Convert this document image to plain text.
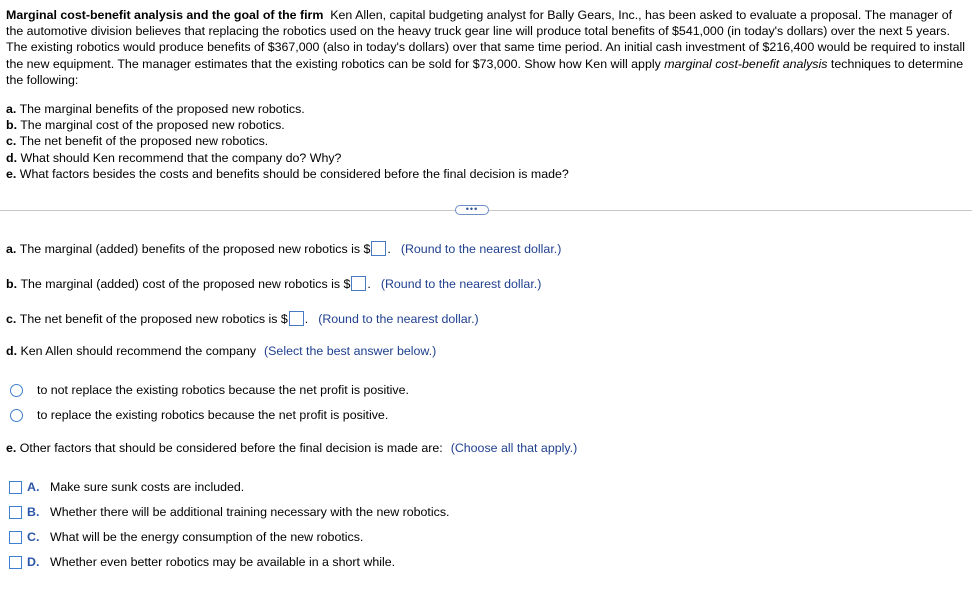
Marginal cost-benefit analysis and the goal of the firm Ken Allen, capital budgeting analyst for Bally Gears, Inc., has been asked to evaluate a proposal. The manager of the automotive division believes that replacing the robotics used on the heavy truck gear line will produce total benefits of $541,000 (in today's dollars) over the next 5 years. The existing robotics would produce benefits of $367,000 (also in today's dollars) over that same time period. An initial cash investment of $216,400 would be required to install the new equipment. The manager estimates that the existing robotics can be sold for $73,000. Show how Ken will apply marginal cost-benefit analysis techniques to determine the following:
a. The marginal benefits of the proposed new robotics.
b. The marginal cost of the proposed new robotics.
c. The net benefit of the proposed new robotics.
d. What should Ken recommend that the company do? Why?
e. What factors besides the costs and benefits should be considered before the final decision is made?
•••
a.
The marginal (added) benefits of the proposed new robotics is $ . (Round to the nearest dollar.)
b.
The marginal (added) cost of the proposed new robotics is $ . (Round to the nearest dollar.)
c.
The net benefit of the proposed new robotics is $ . (Round to the nearest dollar.)
d.
Ken Allen should recommend the company (Select the best answer below.)
to not replace the existing robotics because the net profit is positive.
to replace the existing robotics because the net profit is positive.
e.
Other factors that should be considered before the final decision is made are: (Choose all that apply.)
A. Make sure sunk costs are included.
B. Whether there will be additional training necessary with the new robotics.
C. What will be the energy consumption of the new robotics.
D. Whether even better robotics may be available in a short while.
